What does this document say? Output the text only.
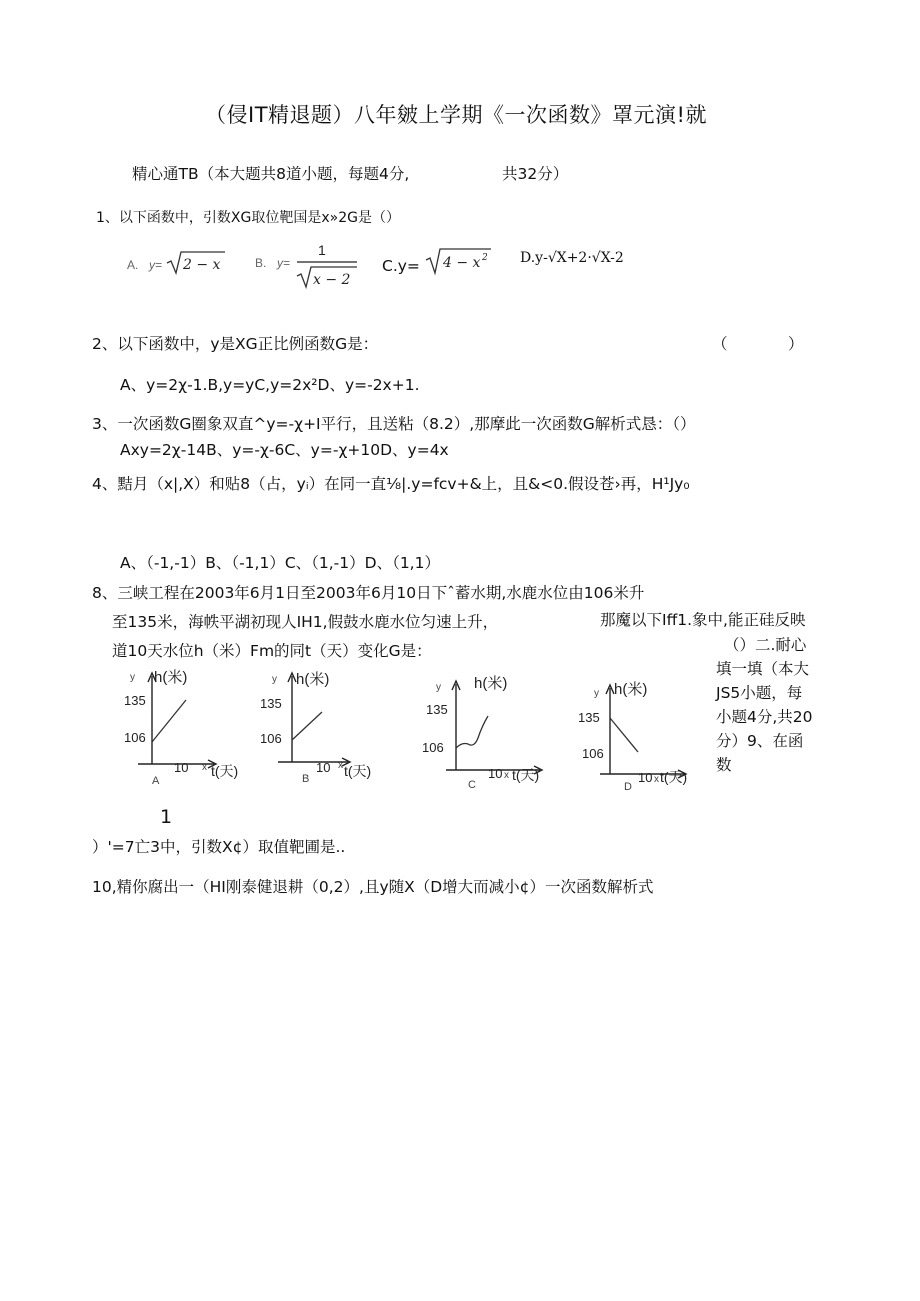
（侵IT精退题）八年皴上学期《一次函数》罩元演!就
精心通TB（本大题共8道小题，每题4分,	共32分）
1、以下函数中，引数XG取位靶国是x»2G是（）
A. y= 2 − x	B. y=
1
x − 2
C.y= 4 − x 2 D.y-√X+2·√X-2
2、以下函数中，y是XG正比例函数G是：	（	）
A、y=2χ-1.B,y=yC,y=2x²D、y=-2x+1.
3、一次函数G圈象双直^y=-χ+I平行，且送粘（8.2）,那摩此一次函数G解析式恳：（）
Axy=2χ-14B、y=-χ-6C、y=-χ+10D、y=4x
4、黠月（x|,X）和贴8（占，yᵢ）在同一直⅛|.y=fcv+&上，且&<0.假设苍›再，H¹Jy₀
A、（-1,-1）B、（-1,1）C、（1,-1）D、（1,1）
8、三峡工程在2003年6月1日至2003年6月10日下ˆ蓄水期,水鹿水位由106米升
至135米，海帙平湖初现人IH1,假鼓水鹿水位匀速上升，	那魔以下Iff1.象中,能正硅反映
道10天水位h（米）Fm的同t（天）变化G是：	（）二.耐心
填一填（本大
JS5小题，每
小题4分,共20
分）9、在函
数
y h(米)
135
106
10 x t(天)
A
y h(米)
135
106
10 x t(天)
B
y h(米)
135
106
10 x t(天)
C
y h(米)
135
106
10 x t(天)
D
1
）'=7亡3中，引数X¢）取值靶圃是..
10,精你腐出一（HI刚泰健退耕（0,2）,且y随X（D增大而减小¢）一次函数解析式
